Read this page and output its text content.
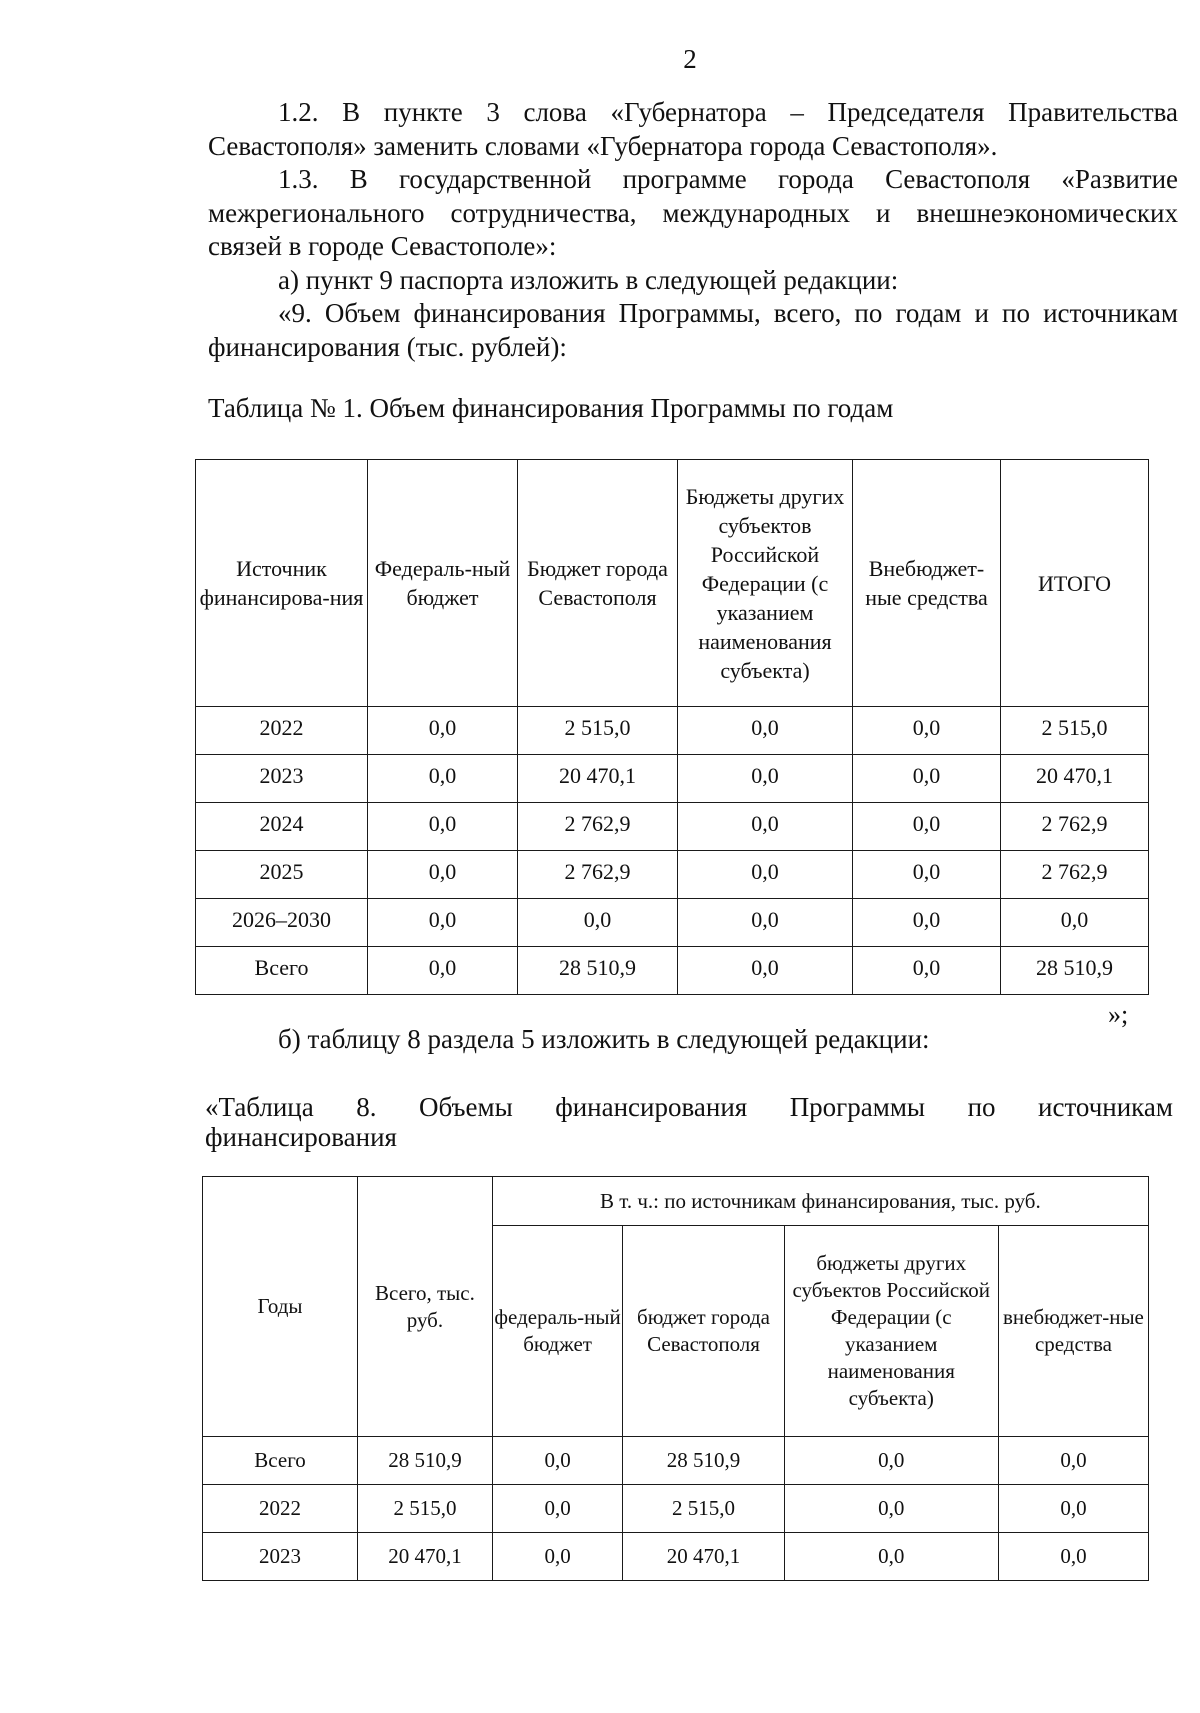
2

1.2. В пункте 3 слова «Губернатора – Председателя Правительства Севастополя» заменить словами «Губернатора города Севастополя».

1.3. В государственной программе города Севастополя «Развитие межрегионального сотрудничества, международных и внешнеэкономических связей в городе Севастополе»:

а) пункт 9 паспорта изложить в следующей редакции:

«9. Объем финансирования Программы, всего, по годам и по источникам финансирования (тыс. рублей):

Таблица № 1. Объем финансирования Программы по годам
Источник финансирова-ния	Федераль-ный бюджет	Бюджет города Севастополя	Бюджеты других субъектов Российской Федерации (с указанием наименования субъекта)	Внебюджет-ные средства	ИТОГО
2022	0,0	2 515,0	0,0	0,0	2 515,0
2023	0,0	20 470,1	0,0	0,0	20 470,1
2024	0,0	2 762,9	0,0	0,0	2 762,9
2025	0,0	2 762,9	0,0	0,0	2 762,9
2026–2030	0,0	0,0	0,0	0,0	0,0
Всего	0,0	28 510,9	0,0	0,0	28 510,9
»;
б) таблицу 8 раздела 5 изложить в следующей редакции:
«Таблица 8. Объемы финансирования Программы по источникам
финансирования
Годы	Всего, тыс. руб.	В т. ч.: по источникам финансирования, тыс. руб.			
		федераль-ный бюджет	бюджет города Севастополя	бюджеты других субъектов Российской Федерации (с указанием наименования субъекта)	внебюджет-ные средства
Всего	28 510,9	0,0	28 510,9	0,0	0,0
2022	2 515,0	0,0	2 515,0	0,0	0,0
2023	20 470,1	0,0	20 470,1	0,0	0,0
